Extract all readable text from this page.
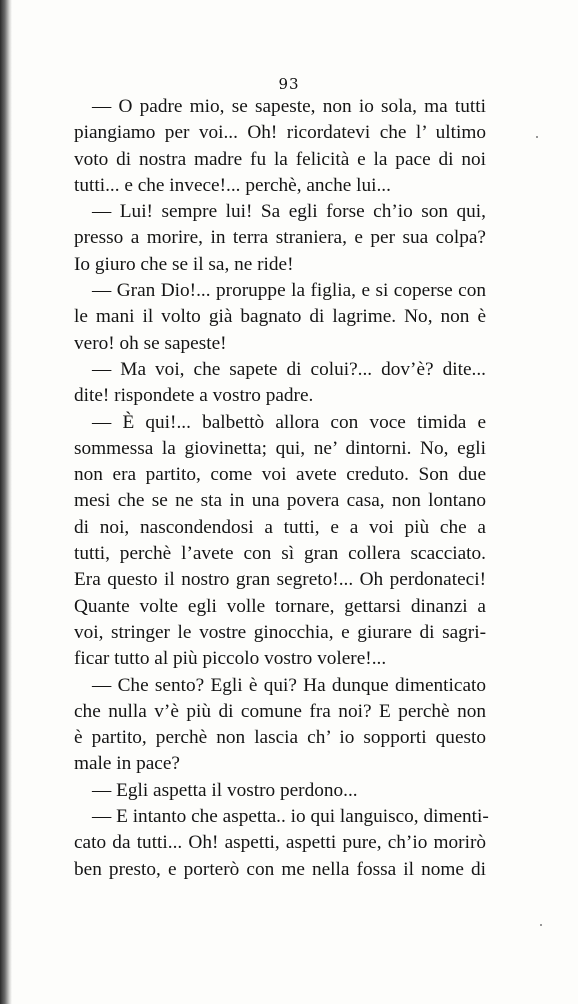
93
— O padre mio, se sapeste, non io sola, ma tutti
piangiamo per voi... Oh! ricordatevi che l’ ultimo
voto di nostra madre fu la felicità e la pace di noi
tutti... e che invece!... perchè, anche lui...
— Lui! sempre lui! Sa egli forse ch’io son qui,
presso a morire, in terra straniera, e per sua colpa?
Io giuro che se il sa, ne ride!
— Gran Dio!... proruppe la figlia, e si coperse con
le mani il volto già bagnato di lagrime. No, non è
vero! oh se sapeste!
— Ma voi, che sapete di colui?... dov’è? dite...
dite! rispondete a vostro padre.
— È qui!... balbettò allora con voce timida e
sommessa la giovinetta; qui, ne’ dintorni. No, egli
non era partito, come voi avete creduto. Son due
mesi che se ne sta in una povera casa, non lontano
di noi, nascondendosi a tutti, e a voi più che a
tutti, perchè l’avete con sì gran collera scacciato.
Era questo il nostro gran segreto!... Oh perdonateci!
Quante volte egli volle tornare, gettarsi dinanzi a
voi, stringer le vostre ginocchia, e giurare di sagri-
ficar tutto al più piccolo vostro volere!...
— Che sento? Egli è qui? Ha dunque dimenticato
che nulla v’è più di comune fra noi? E perchè non
è partito, perchè non lascia ch’ io sopporti questo
male in pace?
— Egli aspetta il vostro perdono...
— E intanto che aspetta.. io qui languisco, dimenti-
cato da tutti... Oh! aspetti, aspetti pure, ch’io morirò
ben presto, e porterò con me nella fossa il nome di
